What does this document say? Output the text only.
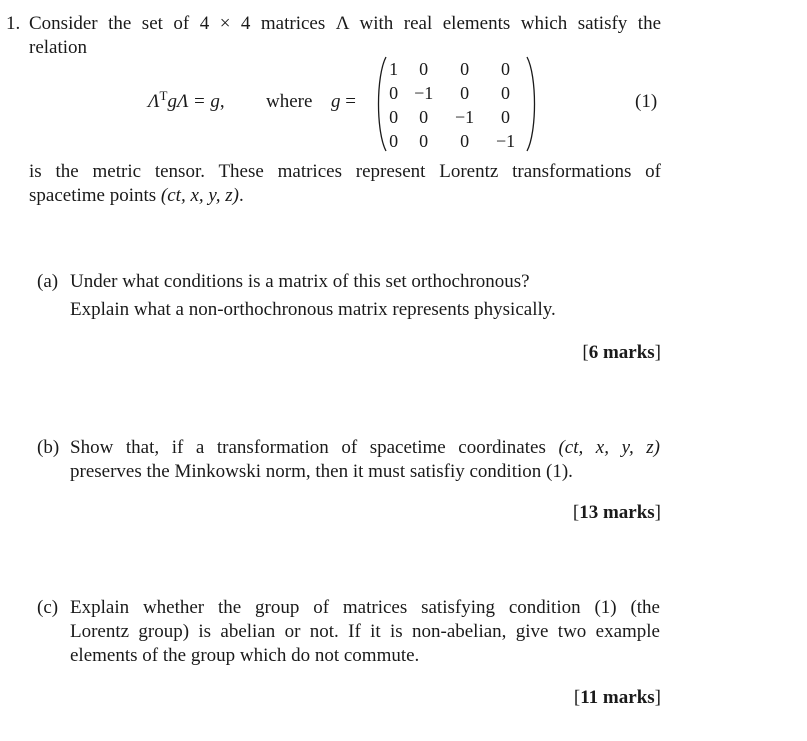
1. Consider the set of 4 × 4 matrices Λ with real elements which satisfy the
relation
$\Lambda^Tg\Lambda = g$, where g =
1	0	0	0
0	−1	0	0
0	0	−1	0
0	0	0	−1
(1)
is the metric tensor. These matrices represent Lorentz transformations of
spacetime points (ct, x, y, z).
(a) Under what conditions is a matrix of this set orthochronous?
Explain what a non-orthochronous matrix represents physically.
[6 marks]
(b) Show that, if a transformation of spacetime coordinates (ct, x, y, z)
preserves the Minkowski norm, then it must satisfiy condition (1).
[13 marks]
(c) Explain whether the group of matrices satisfying condition (1) (the
Lorentz group) is abelian or not. If it is non-abelian, give two example
elements of the group which do not commute.
[11 marks]
